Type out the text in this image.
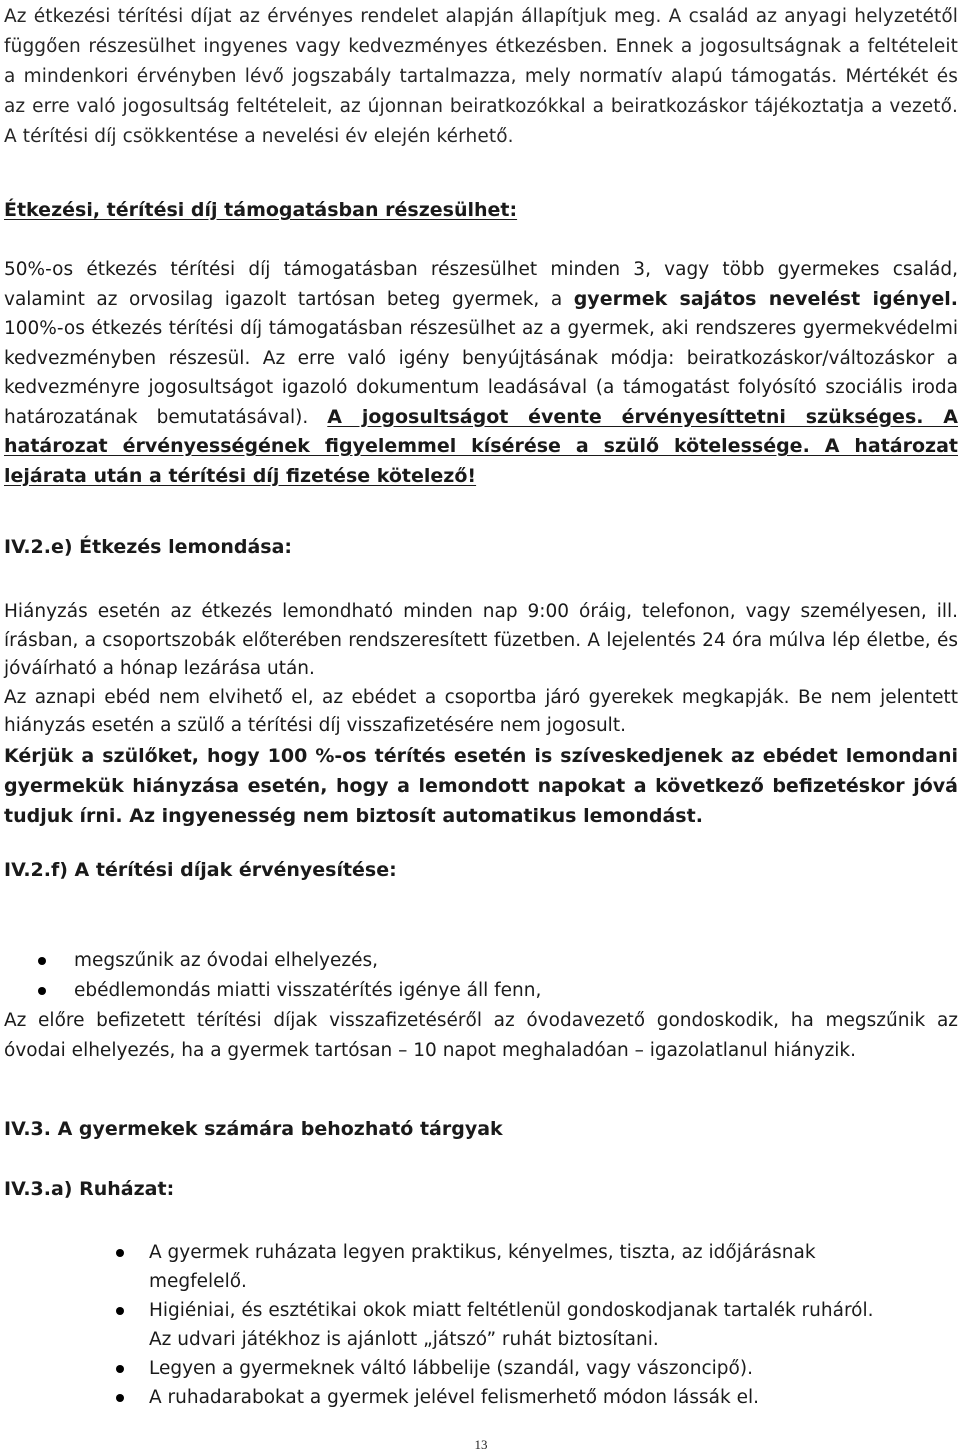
Az étkezési térítési díjat az érvényes rendelet alapján állapítjuk meg. A család az anyagi helyzetétől függően részesülhet ingyenes vagy kedvezményes étkezésben. Ennek a jogosultságnak a feltételeit a mindenkori érvényben lévő jogszabály tartalmazza, mely normatív alapú támogatás. Mértékét és az erre való jogosultság feltételeit, az újonnan beiratkozókkal a beiratkozáskor tájékoztatja a vezető. A térítési díj csökkentése a nevelési év elején kérhető.

Étkezési, térítési díj támogatásban részesülhet:

50%-os étkezés térítési díj támogatásban részesülhet minden 3, vagy több gyermekes család, valamint az orvosilag igazolt tartósan beteg gyermek, a gyermek sajátos nevelést igényel. 100%-os étkezés térítési díj támogatásban részesülhet az a gyermek, aki rendszeres gyermekvédelmi kedvezményben részesül. Az erre való igény benyújtásának módja: beiratkozáskor/változáskor a kedvezményre jogosultságot igazoló dokumentum leadásával (a támogatást folyósító szociális iroda határozatának bemutatásával). A jogosultságot évente érvényesíttetni szükséges. A határozat érvényességének figyelemmel kísérése a szülő kötelessége. A határozat lejárata után a térítési díj fizetése kötelező!

IV.2.e) Étkezés lemondása:

Hiányzás esetén az étkezés lemondható minden nap 9:00 óráig, telefonon, vagy személyesen, ill. írásban, a csoportszobák előterében rendszeresített füzetben. A lejelentés 24 óra múlva lép életbe, és jóváírható a hónap lezárása után.

Az aznapi ebéd nem elvihető el, az ebédet a csoportba járó gyerekek megkapják. Be nem jelentett hiányzás esetén a szülő a térítési díj visszafizetésére nem jogosult.

Kérjük a szülőket, hogy 100 %-os térítés esetén is szíveskedjenek az ebédet lemondani gyermekük hiányzása esetén, hogy a lemondott napokat a következő befizetéskor jóvá tudjuk írni. Az ingyenesség nem biztosít automatikus lemondást.

IV.2.f) A térítési díjak érvényesítése:

megszűnik az óvodai elhelyezés,
ebédlemondás miatti visszatérítés igénye áll fenn,

Az előre befizetett térítési díjak visszafizetéséről az óvodavezető gondoskodik, ha megszűnik az óvodai elhelyezés, ha a gyermek tartósan – 10 napot meghaladóan – igazolatlanul hiányzik.

IV.3. A gyermekek számára behozható tárgyak

IV.3.a) Ruházat:

A gyermek ruházata legyen praktikus, kényelmes, tiszta, az időjárásnak megfelelő.
Higiéniai, és esztétikai okok miatt feltétlenül gondoskodjanak tartalék ruháról. Az udvari játékhoz is ajánlott „játszó” ruhát biztosítani.
Legyen a gyermeknek váltó lábbelije (szandál, vagy vászoncipő).
A ruhadarabokat a gyermek jelével felismerhető módon lássák el.
13
